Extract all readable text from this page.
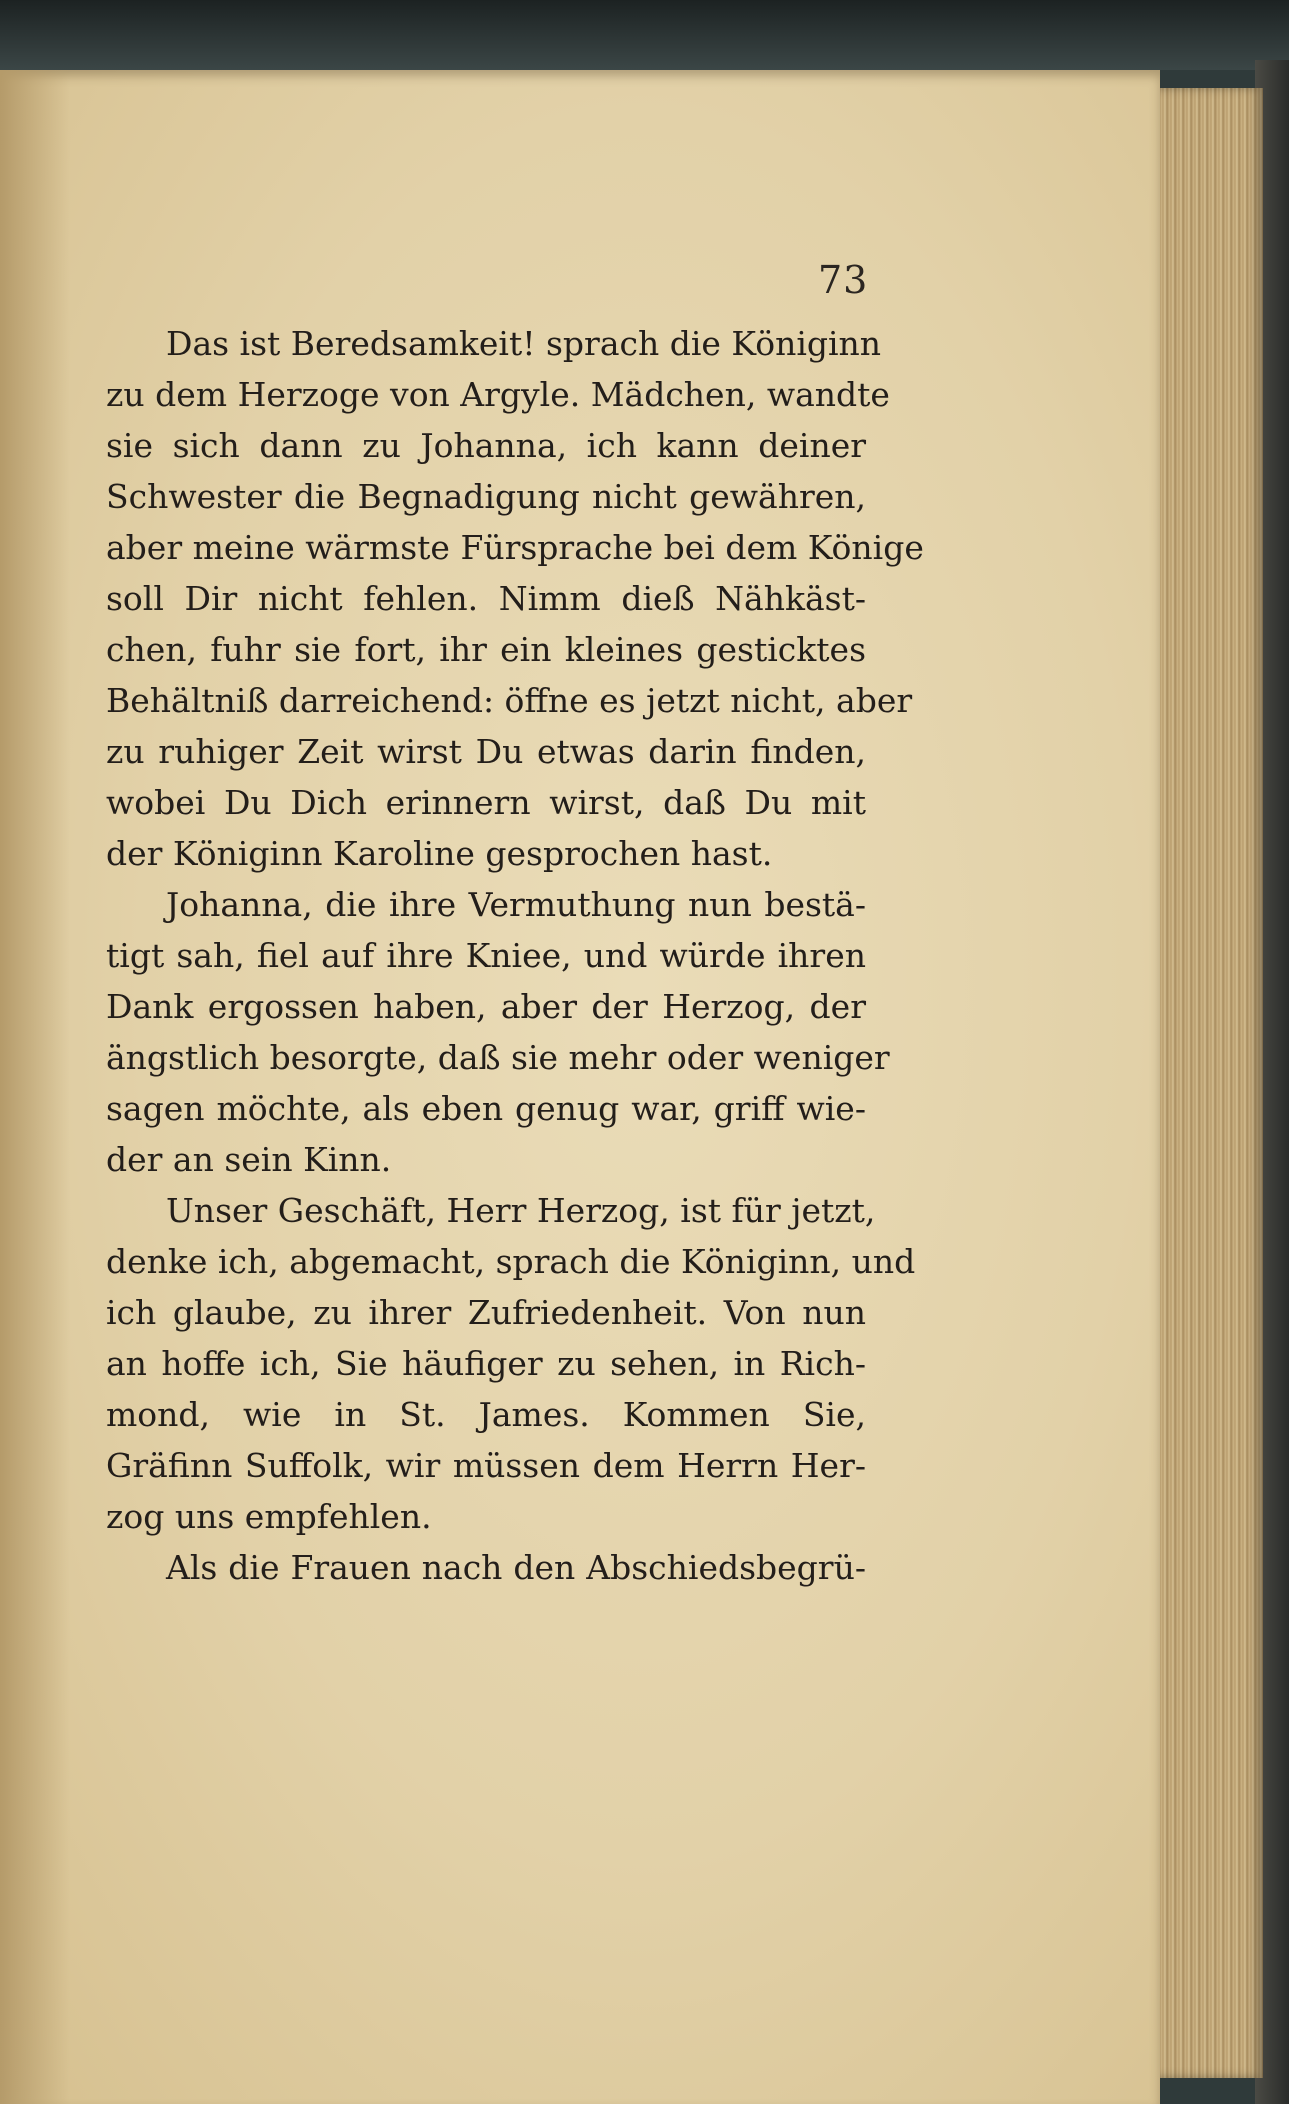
73
Das ist Beredsamkeit! sprach die Königinn
zu dem Herzoge von Argyle. Mädchen, wandte
sie sich dann zu Johanna, ich kann deiner
Schwester die Begnadigung nicht gewähren,
aber meine wärmste Fürsprache bei dem Könige
soll Dir nicht fehlen. Nimm dieß Nähkäst-
chen, fuhr sie fort, ihr ein kleines gesticktes
Behältniß darreichend: öffne es jetzt nicht, aber
zu ruhiger Zeit wirst Du etwas darin finden,
wobei Du Dich erinnern wirst, daß Du mit
der Königinn Karoline gesprochen hast.
Johanna, die ihre Vermuthung nun bestä-
tigt sah, fiel auf ihre Kniee, und würde ihren
Dank ergossen haben, aber der Herzog, der
ängstlich besorgte, daß sie mehr oder weniger
sagen möchte, als eben genug war, griff wie-
der an sein Kinn.
Unser Geschäft, Herr Herzog, ist für jetzt,
denke ich, abgemacht, sprach die Königinn, und
ich glaube, zu ihrer Zufriedenheit. Von nun
an hoffe ich, Sie häufiger zu sehen, in Rich-
mond, wie in St. James. Kommen Sie,
Gräfinn Suffolk, wir müssen dem Herrn Her-
zog uns empfehlen.
Als die Frauen nach den Abschiedsbegrü-
